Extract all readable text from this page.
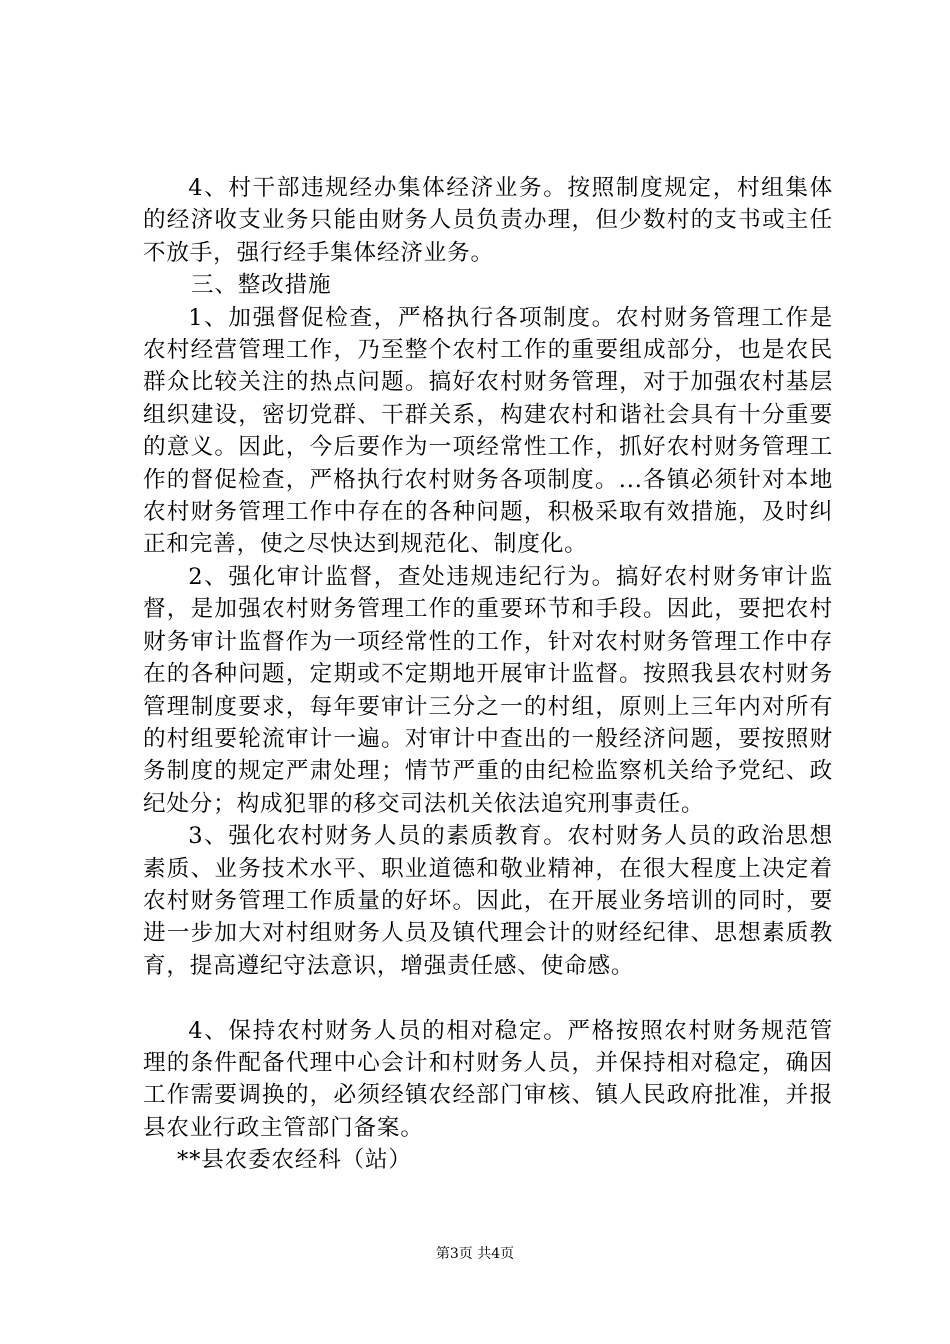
4、村干部违规经办集体经济业务。按照制度规定，村组集体的经济收支业务只能由财务人员负责办理，但少数村的支书或主任不放手，强行经手集体经济业务。

三、整改措施

1、加强督促检查，严格执行各项制度。农村财务管理工作是农村经营管理工作，乃至整个农村工作的重要组成部分，也是农民群众比较关注的热点问题。搞好农村财务管理，对于加强农村基层组织建设，密切党群、干群关系，构建农村和谐社会具有十分重要的意义。因此，今后要作为一项经常性工作，抓好农村财务管理工作的督促检查，严格执行农村财务各项制度。...各镇必须针对本地农村财务管理工作中存在的各种问题，积极采取有效措施，及时纠正和完善，使之尽快达到规范化、制度化。

2、强化审计监督，查处违规违纪行为。搞好农村财务审计监督，是加强农村财务管理工作的重要环节和手段。因此，要把农村财务审计监督作为一项经常性的工作，针对农村财务管理工作中存在的各种问题，定期或不定期地开展审计监督。按照我县农村财务管理制度要求，每年要审计三分之一的村组，原则上三年内对所有的村组要轮流审计一遍。对审计中查出的一般经济问题，要按照财务制度的规定严肃处理；情节严重的由纪检监察机关给予党纪、政纪处分；构成犯罪的移交司法机关依法追究刑事责任。

3、强化农村财务人员的素质教育。农村财务人员的政治思想素质、业务技术水平、职业道德和敬业精神，在很大程度上决定着农村财务管理工作质量的好坏。因此，在开展业务培训的同时，要进一步加大对村组财务人员及镇代理会计的财经纪律、思想素质教育，提高遵纪守法意识，增强责任感、使命感。

4、保持农村财务人员的相对稳定。严格按照农村财务规范管理的条件配备代理中心会计和村财务人员，并保持相对稳定，确因工作需要调换的，必须经镇农经部门审核、镇人民政府批准，并报县农业行政主管部门备案。

**县农委农经科（站）

第3页 共4页
